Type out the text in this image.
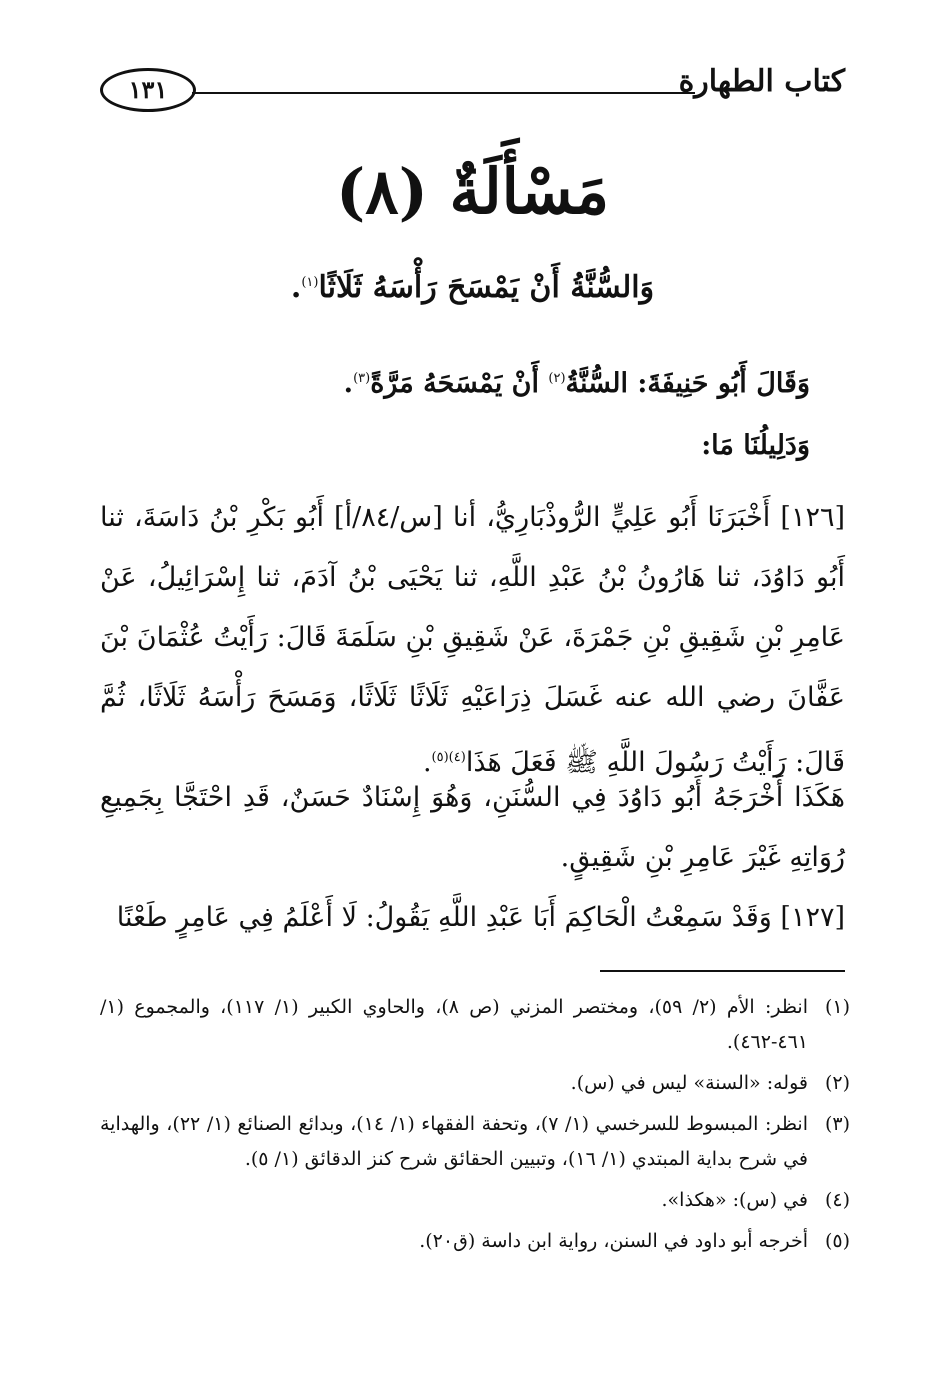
كتاب الطهارة
١٣١
مَسْأَلَةٌ (٨)
وَالسُّنَّةُ أَنْ يَمْسَحَ رَأْسَهُ ثَلَاثًا$^{(١)}$.
وَقَالَ أَبُو حَنِيفَةَ: السُّنَّةُ$^{(٢)}$ أَنْ يَمْسَحَهُ مَرَّةً$^{(٣)}$.
وَدَلِيلُنَا مَا:

[١٢٦] أَخْبَرَنَا أَبُو عَلِيٍّ الرُّوذْبَارِيُّ، أنا [س/٨٤/أ] أَبُو بَكْرِ بْنُ دَاسَةَ، ثنا أَبُو دَاوُدَ، ثنا هَارُونُ بْنُ عَبْدِ اللَّهِ، ثنا يَحْيَى بْنُ آدَمَ، ثنا إِسْرَائِيلُ، عَنْ عَامِرِ بْنِ شَقِيقِ بْنِ جَمْرَةَ، عَنْ شَقِيقِ بْنِ سَلَمَةَ قَالَ: رَأَيْتُ عُثْمَانَ بْنَ عَفَّانَ رضي الله عنه غَسَلَ ذِرَاعَيْهِ ثَلَاثًا ثَلَاثًا، وَمَسَحَ رَأْسَهُ ثَلَاثًا، ثُمَّ قَالَ: رَأَيْتُ رَسُولَ اللَّهِ ﷺ فَعَلَ هَذَا$^{(٤)(٥)}$.

هَكَذَا أَخْرَجَهُ أَبُو دَاوُدَ فِي السُّنَنِ، وَهُوَ إِسْنَادٌ حَسَنٌ، قَدِ احْتَجَّا بِجَمِيعِ رُوَاتِهِ غَيْرَ عَامِرِ بْنِ شَقِيقٍ.

[١٢٧] وَقَدْ سَمِعْتُ الْحَاكِمَ أَبَا عَبْدِ اللَّهِ يَقُولُ: لَا أَعْلَمُ فِي عَامِرٍ طَعْنًا

(١)
انظر: الأم (٢/ ٥٩)، ومختصر المزني (ص ٨)، والحاوي الكبير (١/ ١١٧)، والمجموع (١/ ٤٦١-٤٦٢).
(٢)
قوله: «السنة» ليس في (س).
(٣)
انظر: المبسوط للسرخسي (١/ ٧)، وتحفة الفقهاء (١/ ١٤)، وبدائع الصنائع (١/ ٢٢)، والهداية في شرح بداية المبتدي (١/ ١٦)، وتبيين الحقائق شرح كنز الدقائق (١/ ٥).
(٤)
في (س): «هكذا».
(٥)
أخرجه أبو داود في السنن، رواية ابن داسة (ق٢٠).
